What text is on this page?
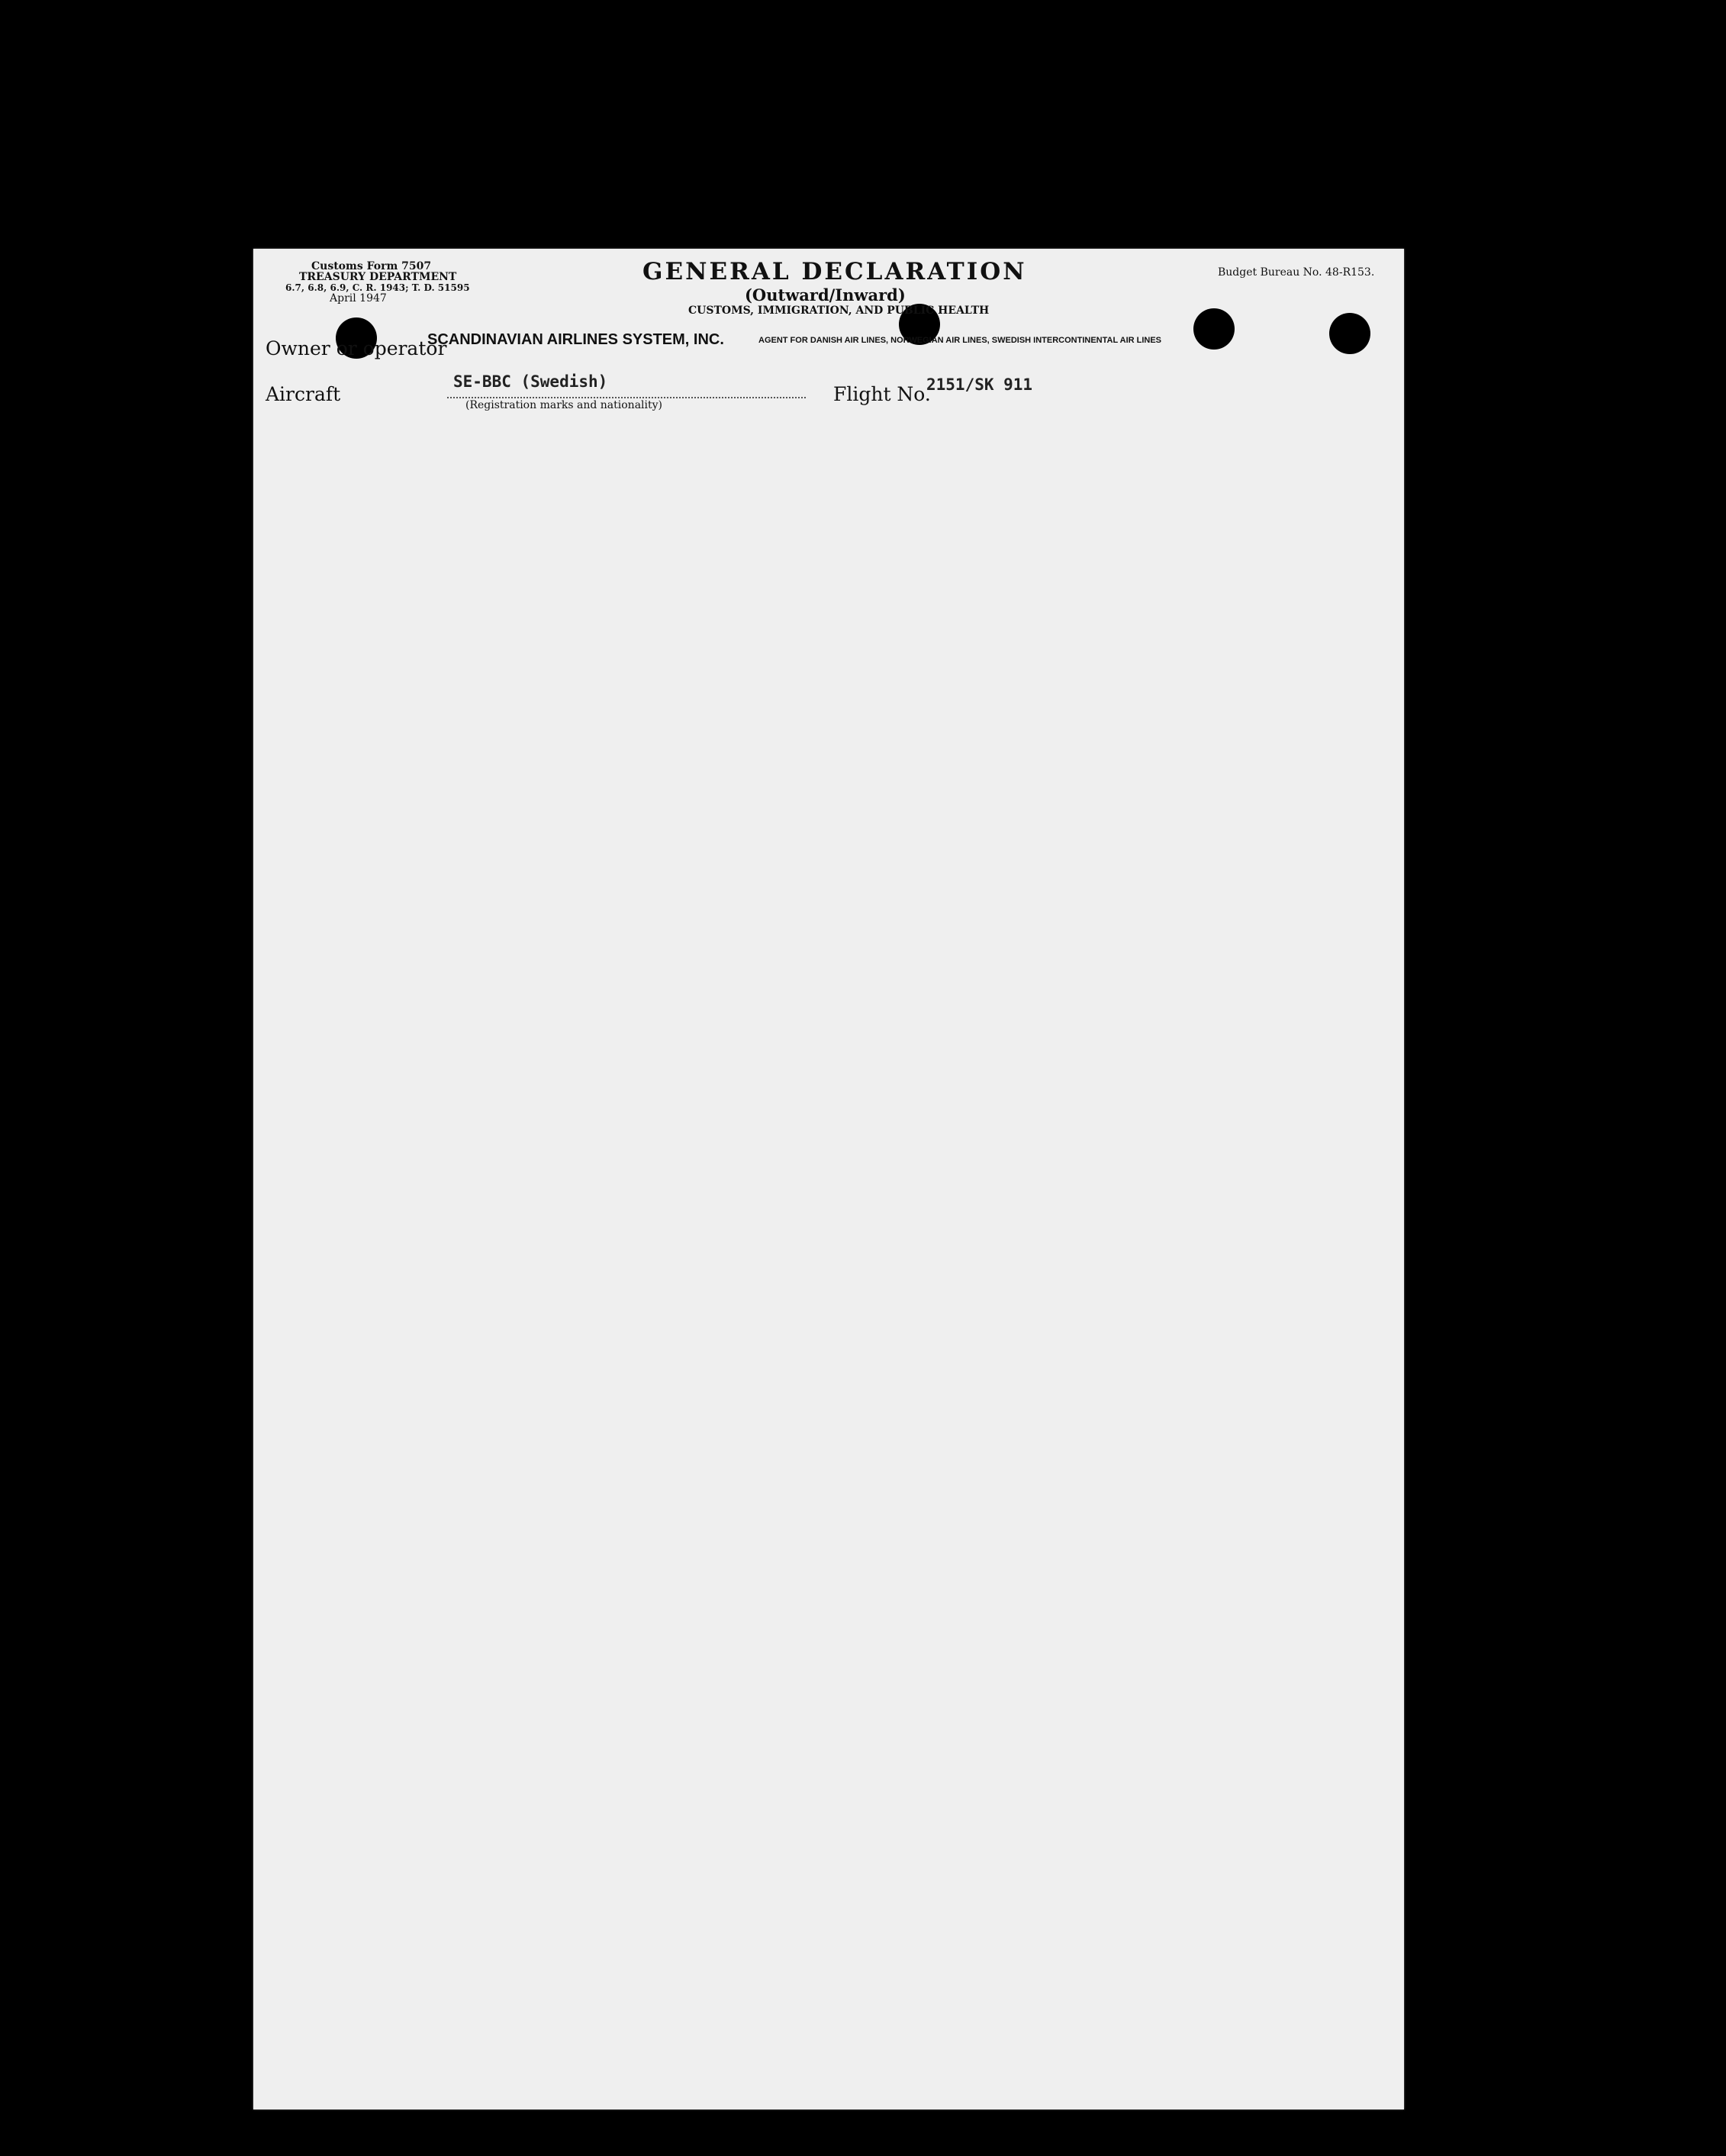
Customs Form 7507
TREASURY DEPARTMENT
6.7, 6.8, 6.9, C. R. 1943; T. D. 51595
April 1947
GENERAL DECLARATION
(Outward/Inward)
CUSTOMS, IMMIGRATION, AND PUBLIC HEALTH
Budget Bureau No. 48-R153.
Owner or operator
SCANDINAVIAN AIRLINES SYSTEM, INC.	AGENT FOR DANISH AIR LINES, NORWEGIAN AIR LINES, SWEDISH INTERCONTINENTAL AIR LINES
Aircraft
SE-BBC (Swedish)
(Registration marks and nationality)	Flight No.
2151/SK 911
